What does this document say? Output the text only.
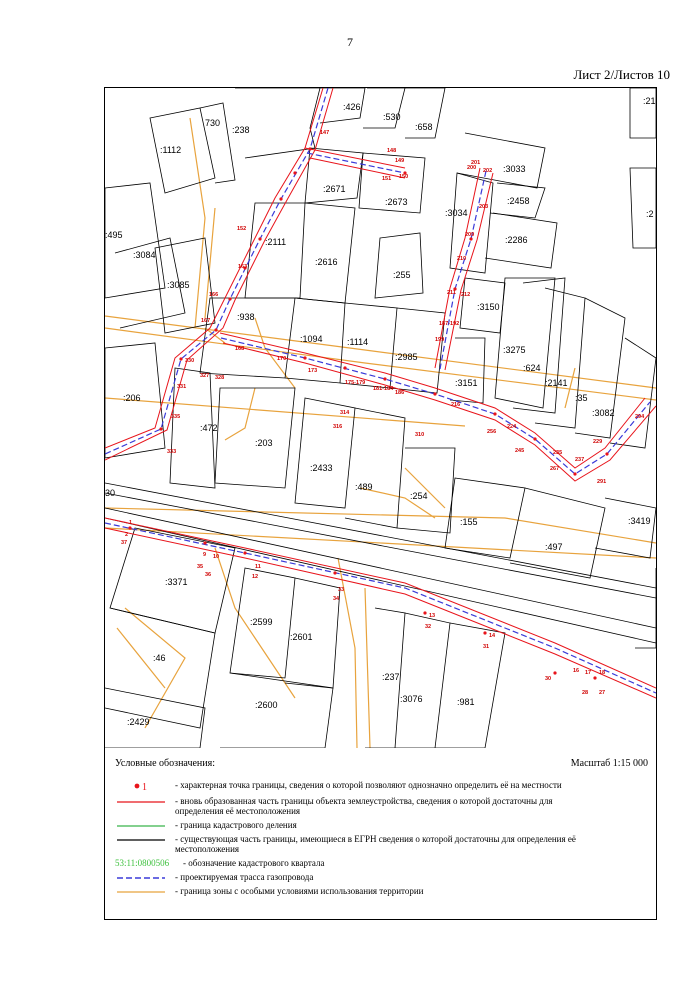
7
Лист 2/Листов 10
:1112
:238
:426
:530
:658
:2671
:2673
:3033
:2458
:3034
:2286
:255
:495
:3084
:2111
:2616
:3085
:938
:1094	:1114
:2985
:3150
:3275
:624
:2141
:35
:3082
:3151
:206
:472
:203
:2433
:489
:254
:155
:497
:3419
:3371
:2599
:2601
:46
:237
:3076	:981
:2600
:2429
:2
30
730
:21
1
2
37
9 10
35
36
11
12
33
34
13
32
14
31
16 17 18
30
28 27
147
148
149
150
151
152
163
166
167
168
170
173
175-179
181-184
186
187-192
199
200
201
202
203
209
210
211 212
216
224
229
235
237
245
256
267
291
294
310
314
316
327 328
330
331
333
335
Условные обозначения:	Масштаб 1:15 000
1	- характерная точка границы, сведения о которой позволяют однозначно определить её на местности
- вновь образованная часть границы объекта землеустройства, сведения о которой достаточны для определения её местоположения
- граница кадастрового деления
- существующая часть границы, имеющиеся в ЕГРН сведения о которой достаточны для определения её местоположения
53:11:0800506 - обозначение кадастрового квартала
- проектируемая трасса газопровода
- граница зоны с особыми условиями использования территории
